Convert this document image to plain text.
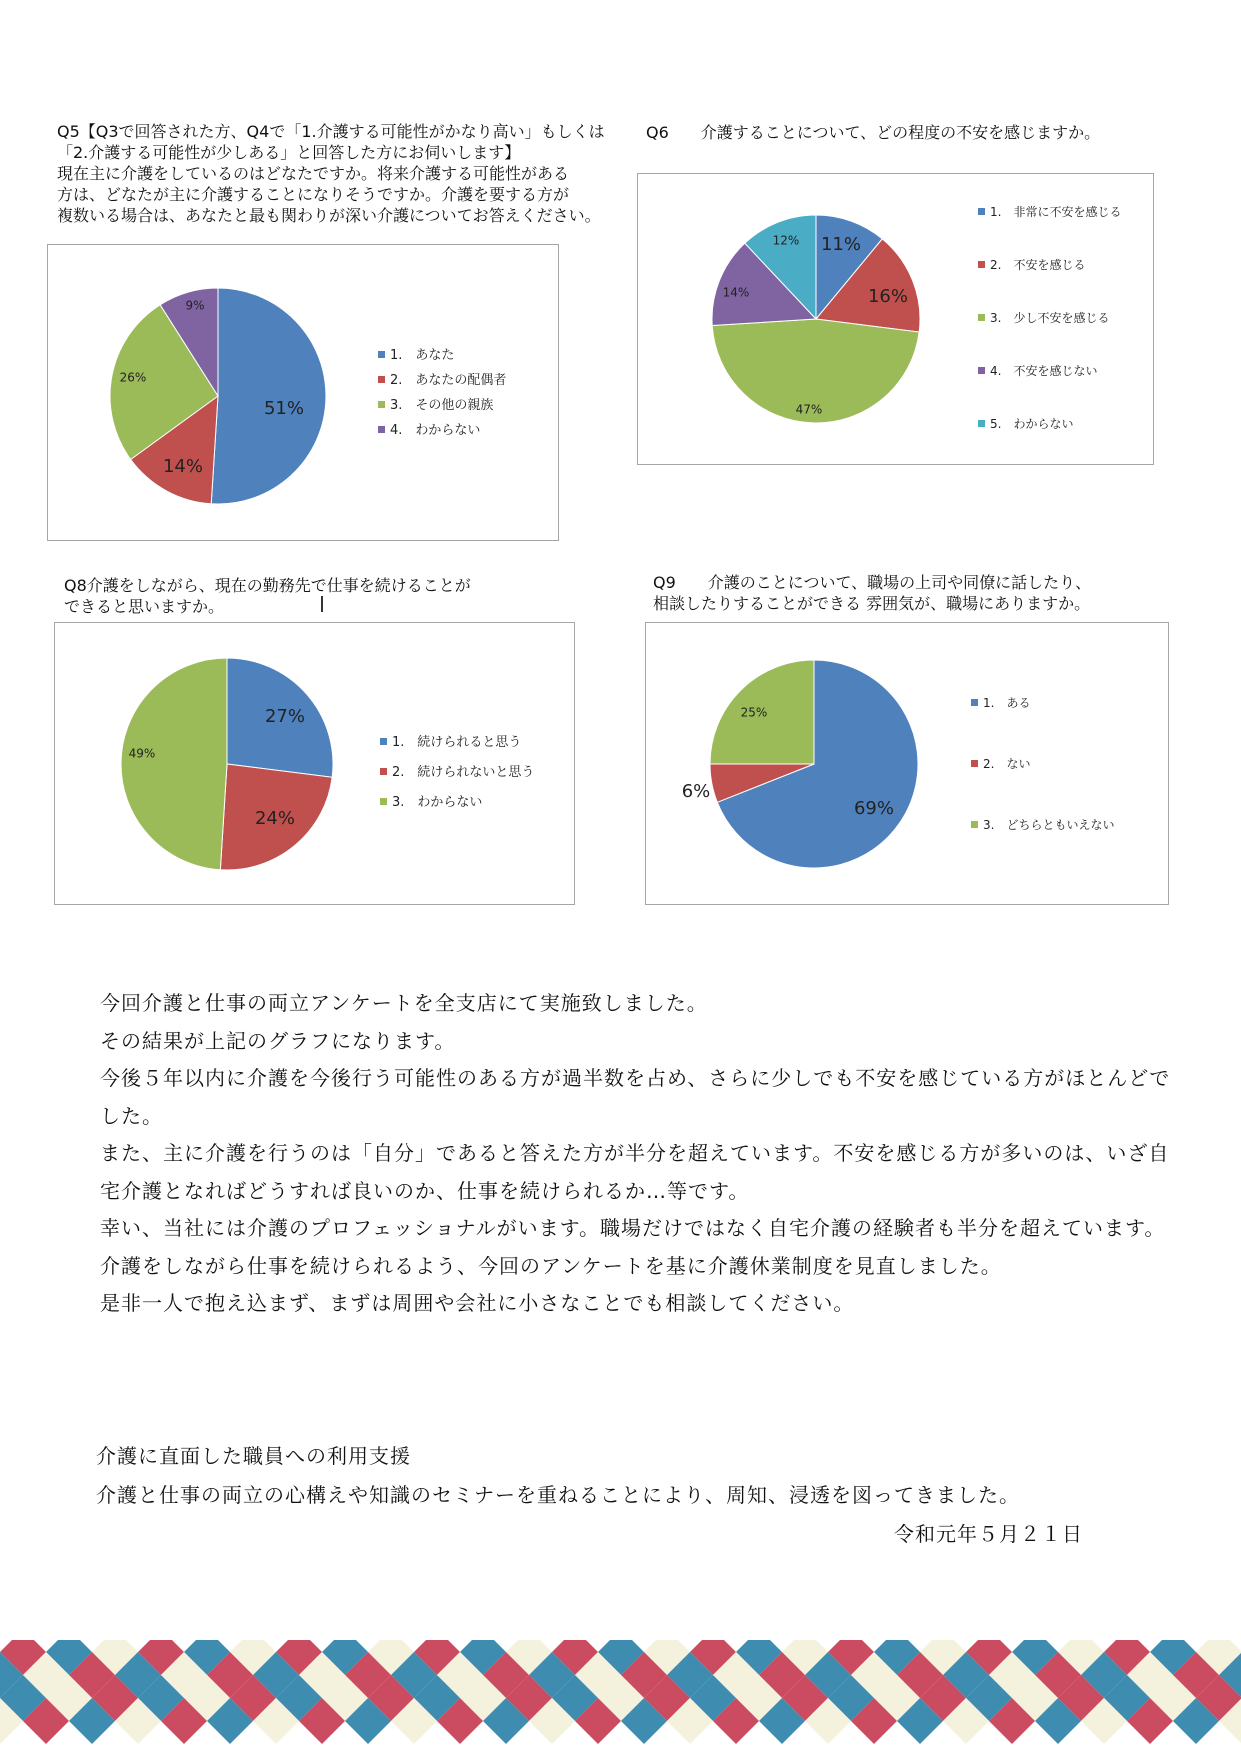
Q5【Q3で回答された方、Q4で「1.介護する可能性がかなり高い」もしくは
「2.介護する可能性が少しある」と回答した方にお伺いします】
現在主に介護をしているのはどなたですか。将来介護する可能性がある
方は、どなたが主に介護することになりそうですか。介護を要する方が
複数いる場合は、あなたと最も関わりが深い介護についてお答えください。

Q6　　介護することについて、どの程度の不安を感じますか。

Q8介護をしながら、現在の勤務先で仕事を続けることが
できると思いますか。

Q9　　介護のことについて、職場の上司や同僚に話したり、
相談したりすることができる 雰囲気が、職場にありますか。

51%
14%
26%
9%
1.　あなた
2.　あなたの配偶者
3.　その他の親族
4.　わからない
11%
16%
47%
14%
12%
1.　非常に不安を感じる
2.　不安を感じる
3.　少し不安を感じる
4.　不安を感じない
5.　わからない
27%
24%
49%
1.　続けられると思う
2.　続けられないと思う
3.　わからない	69%
6%
25%
1.　ある
2.　ない
3.　どちらともいえない

今回介護と仕事の両立アンケートを全支店にて実施致しました。

その結果が上記のグラフになります。

今後５年以内に介護を今後行う可能性のある方が過半数を占め、さらに少しでも不安を感じている方がほとんどでした。

また、主に介護を行うのは「自分」であると答えた方が半分を超えています。不安を感じる方が多いのは、いざ自宅介護となればどうすれば良いのか、仕事を続けられるか…等です。

幸い、当社には介護のプロフェッショナルがいます。職場だけではなく自宅介護の経験者も半分を超えています。

介護をしながら仕事を続けられるよう、今回のアンケートを基に介護休業制度を見直しました。

是非一人で抱え込まず、まずは周囲や会社に小さなことでも相談してください。

介護に直面した職員への利用支援

介護と仕事の両立の心構えや知識のセミナーを重ねることにより、周知、浸透を図ってきました。

令和元年５月２１日
